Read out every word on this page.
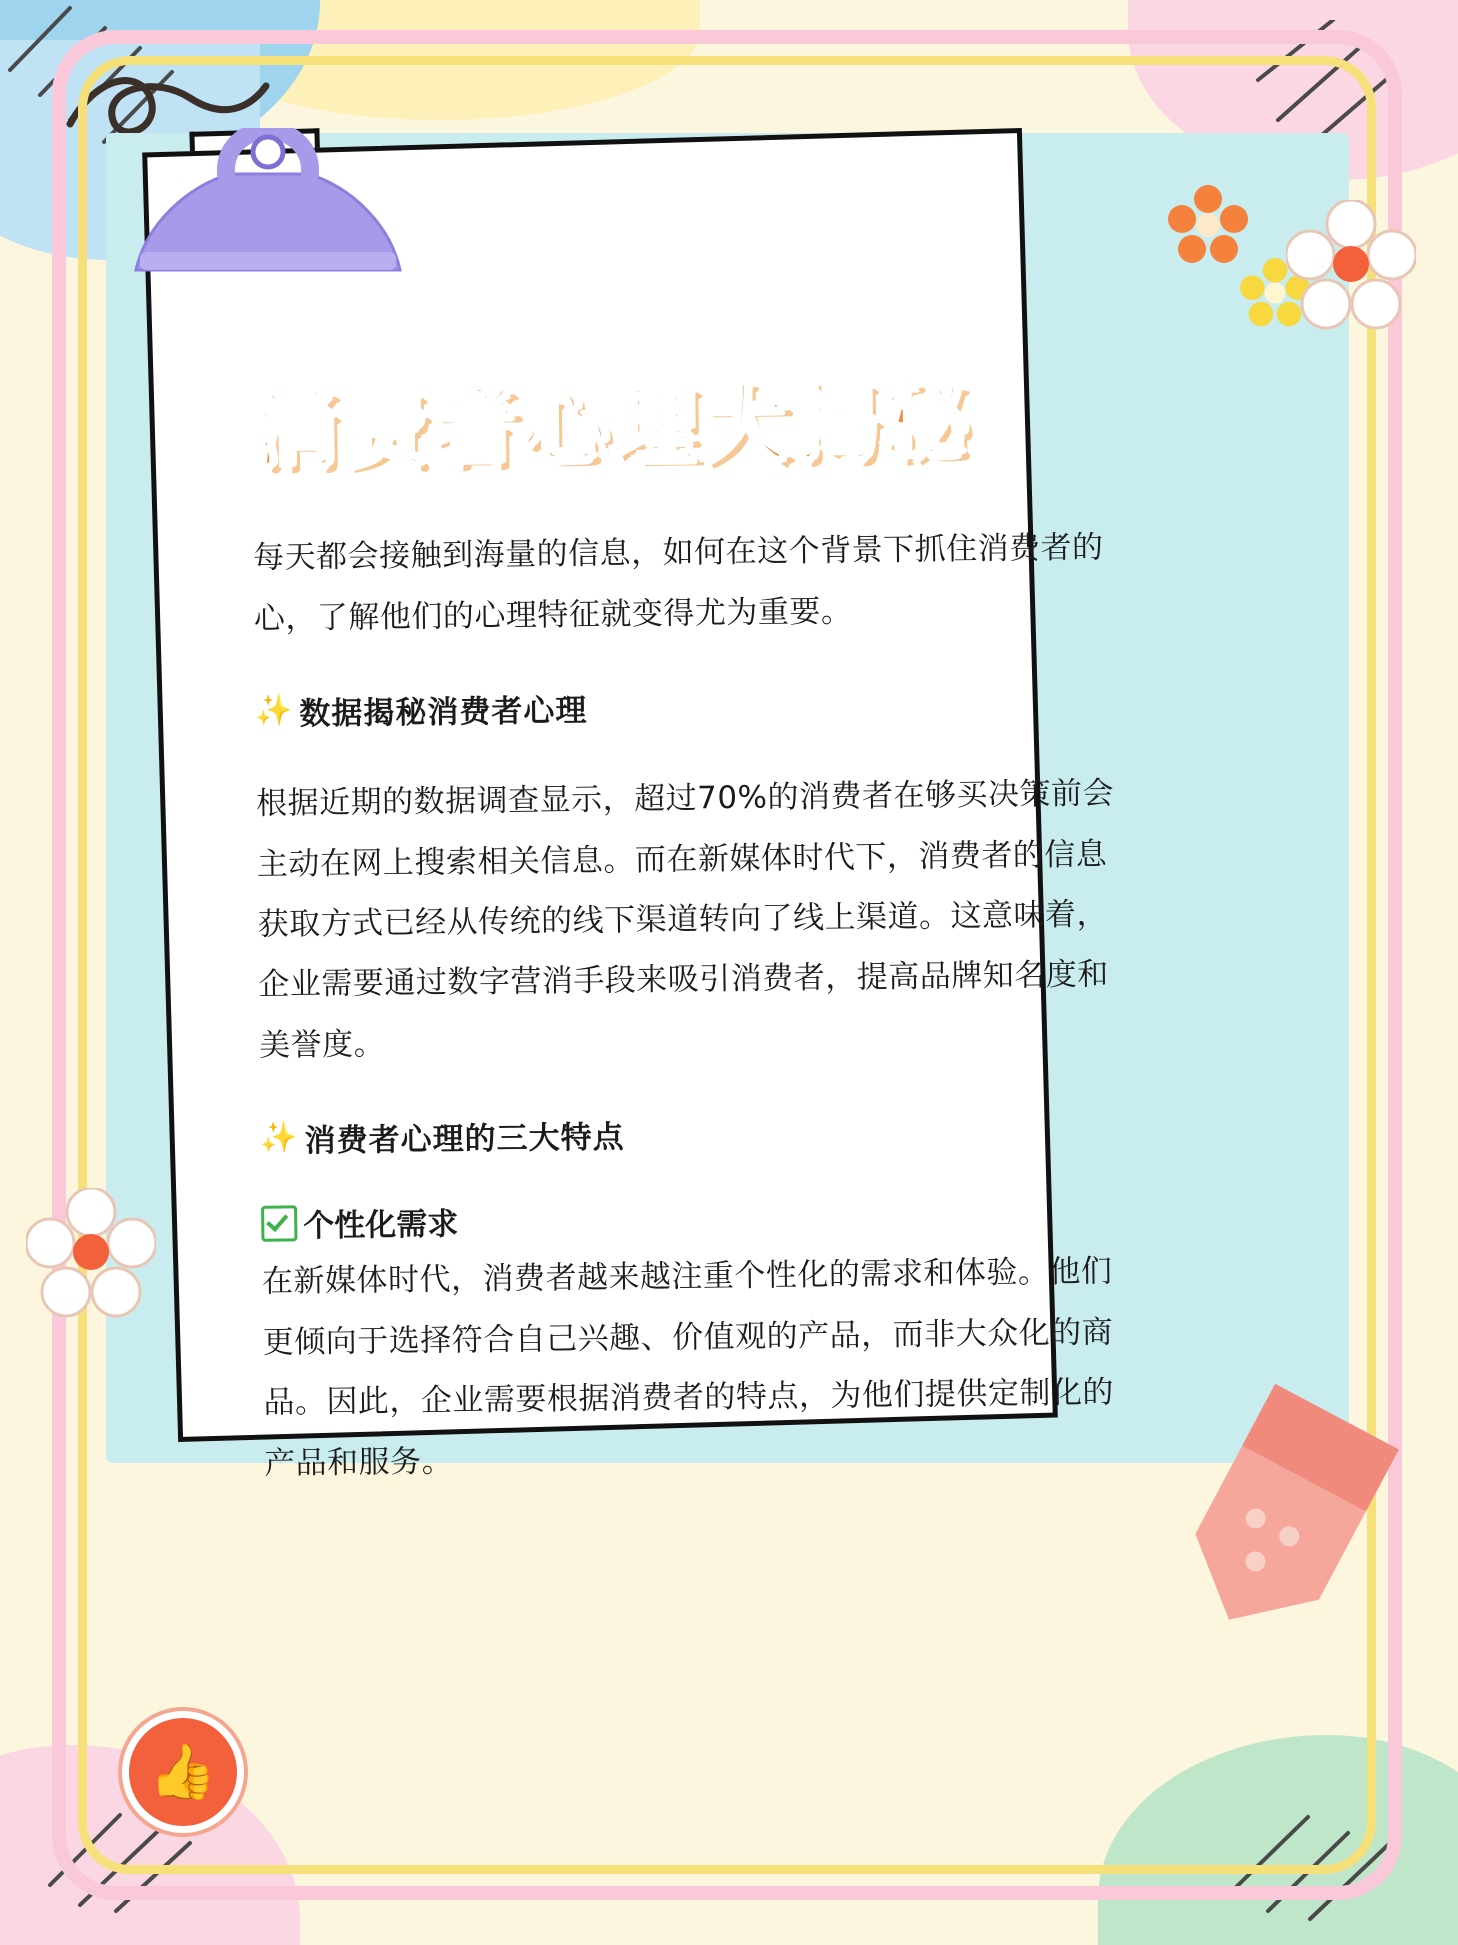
👍
消费者心理大揭秘

每天都会接触到海量的信息，如何在这个背景下抓住消费者的心，了解他们的心理特征就变得尤为重要。

✨ 数据揭秘消费者心理

根据近期的数据调查显示，超过70%的消费者在够买决策前会主动在网上搜索相关信息。而在新媒体时代下，消费者的信息获取方式已经从传统的线下渠道转向了线上渠道。这意味着，企业需要通过数字营消手段来吸引消费者，提高品牌知名度和美誉度。

✨ 消费者心理的三大特点
个性化需求

在新媒体时代，消费者越来越注重个性化的需求和体验。他们更倾向于选择符合自己兴趣、价值观的产品，而非大众化的商品。因此，企业需要根据消费者的特点，为他们提供定制化的产品和服务。
